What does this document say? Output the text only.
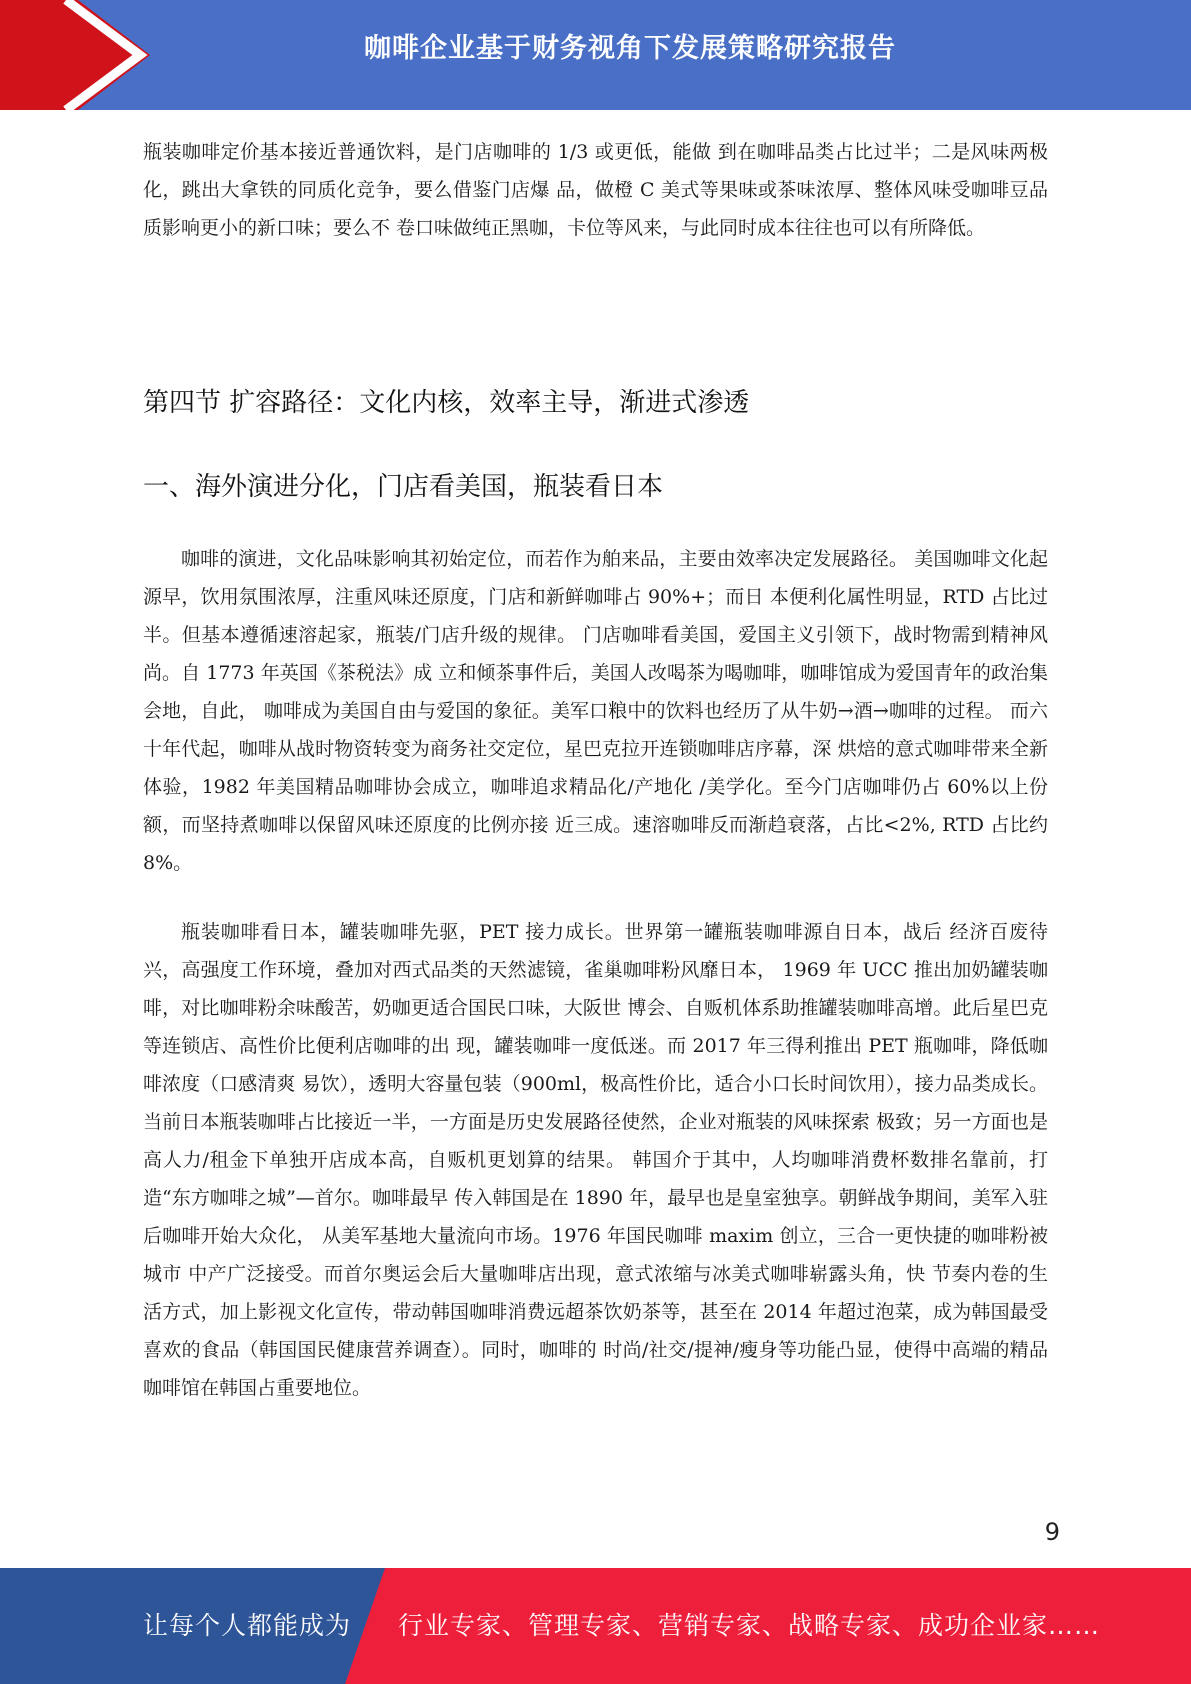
咖啡企业基于财务视角下发展策略研究报告

瓶装咖啡定价基本接近普通饮料，是门店咖啡的 1/3 或更低，能做 到在咖啡品类占比过半；二是风味两极化，跳出大拿铁的同质化竞争，要么借鉴门店爆 品，做橙 C 美式等果味或茶味浓厚、整体风味受咖啡豆品质影响更小的新口味；要么不 卷口味做纯正黑咖，卡位等风来，与此同时成本往往也可以有所降低。

第四节 扩容路径：文化内核，效率主导，渐进式渗透
一、海外演进分化，门店看美国，瓶装看日本

咖啡的演进，文化品味影响其初始定位，而若作为舶来品，主要由效率决定发展路径。 美国咖啡文化起源早，饮用氛围浓厚，注重风味还原度，门店和新鲜咖啡占 90%+；而日 本便利化属性明显，RTD 占比过半。但基本遵循速溶起家，瓶装/门店升级的规律。 门店咖啡看美国，爱国主义引领下，战时物需到精神风尚。自 1773 年英国《茶税法》成 立和倾茶事件后，美国人改喝茶为喝咖啡，咖啡馆成为爱国青年的政治集会地，自此， 咖啡成为美国自由与爱国的象征。美军口粮中的饮料也经历了从牛奶→酒→咖啡的过程。 而六十年代起，咖啡从战时物资转变为商务社交定位，星巴克拉开连锁咖啡店序幕，深 烘焙的意式咖啡带来全新体验，1982 年美国精品咖啡协会成立，咖啡追求精品化/产地化 /美学化。至今门店咖啡仍占 60%以上份额，而坚持煮咖啡以保留风味还原度的比例亦接 近三成。速溶咖啡反而渐趋衰落，占比<2%, RTD 占比约 8%。

瓶装咖啡看日本，罐装咖啡先驱，PET 接力成长。世界第一罐瓶装咖啡源自日本，战后 经济百废待兴，高强度工作环境，叠加对西式品类的天然滤镜，雀巢咖啡粉风靡日本， 1969 年 UCC 推出加奶罐装咖啡，对比咖啡粉余味酸苦，奶咖更适合国民口味，大阪世 博会、自贩机体系助推罐装咖啡高增。此后星巴克等连锁店、高性价比便利店咖啡的出 现，罐装咖啡一度低迷。而 2017 年三得利推出 PET 瓶咖啡，降低咖啡浓度（口感清爽 易饮），透明大容量包装（900ml，极高性价比，适合小口长时间饮用），接力品类成长。 当前日本瓶装咖啡占比接近一半，一方面是历史发展路径使然，企业对瓶装的风味探索 极致；另一方面也是高人力/租金下单独开店成本高，自贩机更划算的结果。 韩国介于其中，人均咖啡消费杯数排名靠前，打造“东方咖啡之城”—首尔。咖啡最早 传入韩国是在 1890 年，最早也是皇室独享。朝鲜战争期间，美军入驻后咖啡开始大众化， 从美军基地大量流向市场。1976 年国民咖啡 maxim 创立，三合一更快捷的咖啡粉被城市 中产广泛接受。而首尔奥运会后大量咖啡店出现，意式浓缩与冰美式咖啡崭露头角，快 节奏内卷的生活方式，加上影视文化宣传，带动韩国咖啡消费远超茶饮奶茶等，甚至在 2014 年超过泡菜，成为韩国最受喜欢的食品（韩国国民健康营养调查）。同时，咖啡的 时尚/社交/提神/瘦身等功能凸显，使得中高端的精品咖啡馆在韩国占重要地位。

9
让每个人都能成为 行业专家、管理专家、营销专家、战略专家、成功企业家……
